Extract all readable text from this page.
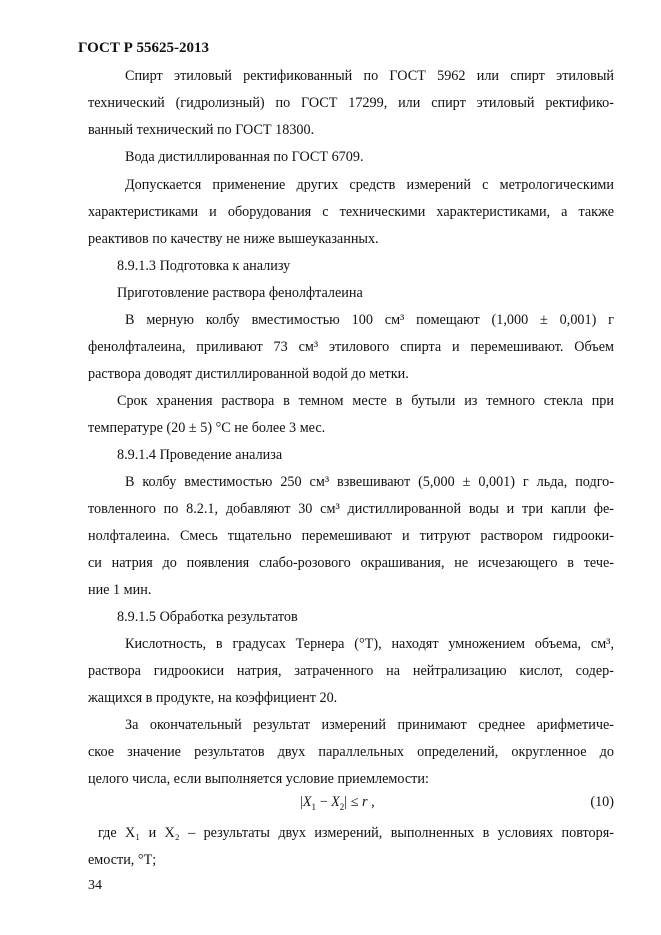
ГОСТ Р 55625-2013
Спирт этиловый ректификованный по ГОСТ 5962 или спирт этиловый
технический (гидролизный) по ГОСТ 17299, или спирт этиловый ректифико-
ванный технический по ГОСТ 18300.
Вода дистиллированная по ГОСТ 6709.
Допускается применение других средств измерений с метрологическими
характеристиками и оборудования с техническими характеристиками, а также
реактивов по качеству не ниже вышеуказанных.
8.9.1.3 Подготовка к анализу
Приготовление раствора фенолфталеина
В мерную колбу вместимостью 100 см³ помещают (1,000 ± 0,001) г
фенолфталеина, приливают 73 см³ этилового спирта и перемешивают. Объем
раствора доводят дистиллированной водой до метки.
Срок хранения раствора в темном месте в бутыли из темного стекла при
температуре (20 ± 5) °С не более 3 мес.
8.9.1.4 Проведение анализа
В колбу вместимостью 250 см³ взвешивают (5,000 ± 0,001) г льда, подго-
товленного по 8.2.1, добавляют 30 см³ дистиллированной воды и три капли фе-
нолфталеина. Смесь тщательно перемешивают и титруют раствором гидрооки-
си натрия до появления слабо-розового окрашивания, не исчезающего в тече-
ние 1 мин.
8.9.1.5 Обработка результатов
Кислотность, в градусах Тернера (°Т), находят умножением объема, см³,
раствора гидроокиси натрия, затраченного на нейтрализацию кислот, содер-
жащихся в продукте, на коэффициент 20.
За окончательный результат измерений принимают среднее арифметиче-
ское значение результатов двух параллельных определений, округленное до
целого числа, если выполняется условие приемлемости:
$|X_1 - X_2| \le r$ ,	(10)
где X₁ и X₂ – результаты двух измерений, выполненных в условиях повторя-
емости, °Т;
34
